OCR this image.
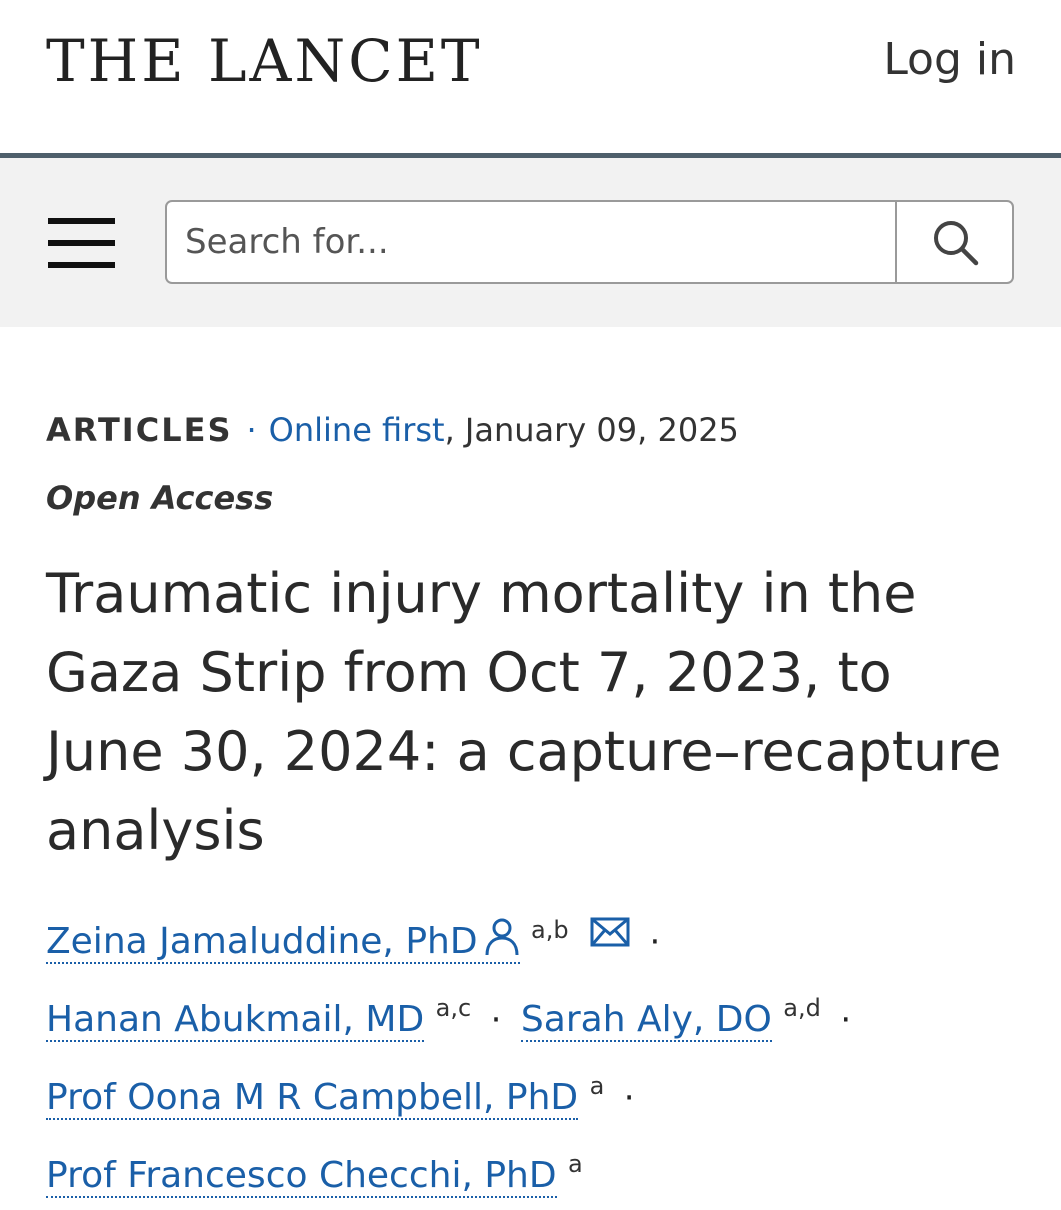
THE LANCET	Log in
Search for...
ARTICLES · Online first, January 09, 2025
Open Access
Traumatic injury mortality in the Gaza Strip from Oct 7, 2023, to June 30, 2024: a capture–recapture analysis
Zeina Jamaluddine, PhD $^{a,b}$ ·
Hanan Abukmail, MD $^{a,c}$ · Sarah Aly, DO $^{a,d}$ ·
Prof Oona M R Campbell, PhD $^a$ ·
Prof Francesco Checchi, PhD $^a$
